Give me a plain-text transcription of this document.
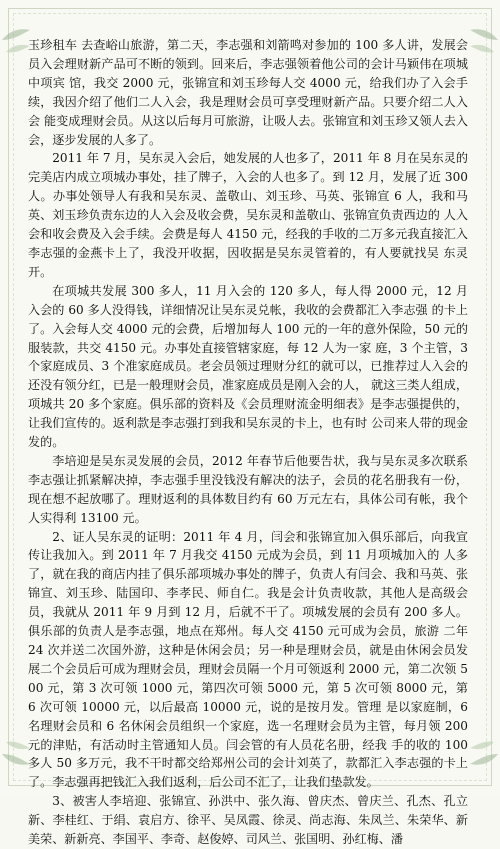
玉珍租车 去查峪山旅游，第二天，李志强和刘箭鸣对参加的 100 多人讲，发展会员入会理财新产品可不断的领到。回来后，李志强领着他公司的会计马颖伟在项城中项宾 馆，我交 2000 元，张锦宣和刘玉珍每人交 4000 元，给我们办了入会手续，我因介绍了他们二人入会，我是理财会员可享受理财新产品。只要介绍二人入会 能变成理财会员。从这以后每月可旅游，让吸人去。张锦宣和刘玉珍又领人去入会，逐步发展的人多了。

2011 年 7 月，吴东灵入会后，她发展的人也多了，2011 年 8 月在吴东灵的完美店内成立项城办事处，挂了牌子，入会的人也多了。到 12 月，发展了近 300 人。办事处领导人有我和吴东灵、盖敬山、刘玉珍、马英、张锦宣 6 人，我和马英、刘玉珍负责东边的人入会及收会费，吴东灵和盖敬山、张锦宣负责西边的 人入会和收会费及入会手续。会费是每人 4150 元，经我的手收的二万多元我直接汇入李志强的金燕卡上了，我没开收据，因收据是吴东灵管着的，有人要就找吴 东灵开。

在项城共发展 300 多人，11 月入会的 120 多人，每人得 2000 元，12 月入会的 60 多人没得钱，详细情况让吴东灵兑帐，我收的会费都汇入李志强 的卡上了。入会每人交 4000 元的会费，后增加每人 100 元的一年的意外保险，50 元的服装款，共交 4150 元。办事处直接管辖家庭，每 12 人为一家 庭，3 个主管，3 个家庭成员、3 个准家庭成员。老会员领过理财分红的就可以，已推荐过人入会的还没有领分红，已是一般理财会员，准家庭成员是刚入会的人， 就这三类人组成，项城共 20 多个家庭。俱乐部的资料及《会员理财流金明细表》是李志强提供的，让我们宣传的。返利款是李志强打到我和吴东灵的卡上，也有时 公司来人带的现金发的。

李培迎是吴东灵发展的会员，2012 年春节后他要告状，我与吴东灵多次联系李志强让抓紧解决掉，李志强手里没钱没有解决的法子，会员的花名册我有一份，现在想不起放哪了。理财返利的具体数目约有 60 万元左右，具体公司有帐，我个人实得利 13100 元。

2、证人吴东灵的证明：2011 年 4 月，闫会和张锦宣加入俱乐部后，向我宣传让我加入。到 2011 年 7 月我交 4150 元成为会员，到 11 月项城加入的 人多了，就在我的商店内挂了俱乐部项城办事处的牌子，负责人有闫会、我和马英、张锦宣、刘玉珍、陆国印、李孝民、师自仁。我是会计负责收款，其他人是高级会员，我就从 2011 年 9 月到 12 月，后就不干了。项城发展的会员有 200 多人。俱乐部的负责人是李志强，地点在郑州。每人交 4150 元可成为会员，旅游 二年 24 次并送二次国外游，这种是休闲会员；另一种是理财会员，就是由休闲会员发展二个会员后可成为理财会员，理财会员隔一个月可领返利 2000 元，第二次领 500 元，第 3 次可领 1000 元，第四次可领 5000 元，第 5 次可领 8000 元，第 6 次可领 10000 元，以后最高 10000 元，说的是按月发。管理 是以家庭制，6 名理财会员和 6 名休闲会员组织一个家庭，选一名理财会员为主管，每月领 200 元的津贴，有活动时主管通知人员。闫会管的有人员花名册，经我 手的收的 100 多人 50 多万元，我不干时都交给郑州公司的会计刘英了，款都汇入李志强的卡上了。李志强再把钱汇入我们返利，后公司不汇了，让我们垫款发。

3、被害人李培迎、张锦宣、孙洪中、张久海、曾庆杰、曾庆兰、孔杰、孔立新、李桂红、于绢、袁启方、徐平、吴凤霞、徐灵、尚志海、朱凤兰、朱荣华、新 美荣、新新亮、李国平、李奇、赵俊婷、司风兰、张国明、孙红梅、潘
